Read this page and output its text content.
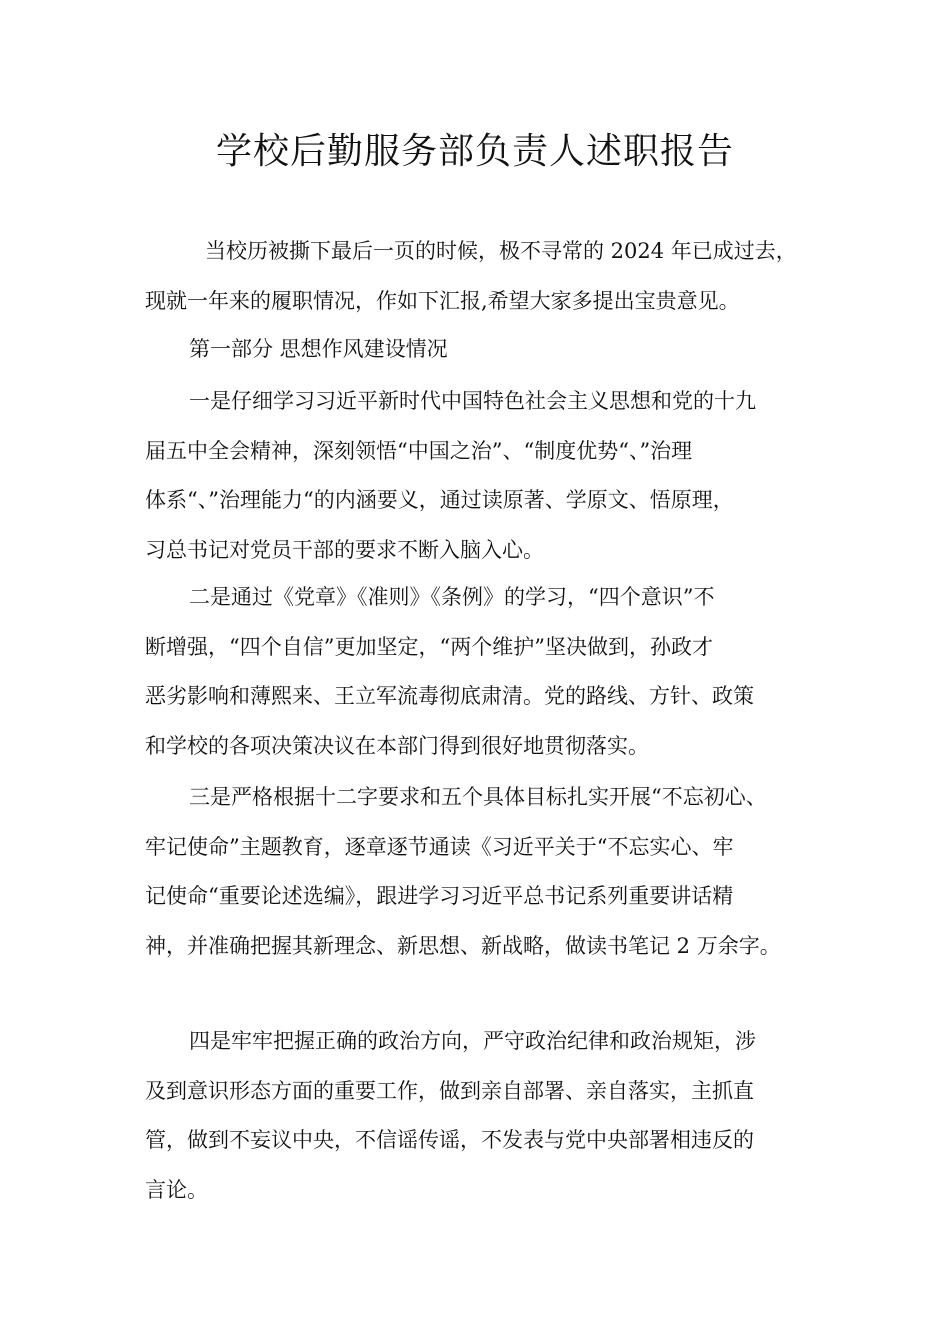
学校后勤服务部负责人述职报告
当校历被撕下最后一页的时候，极不寻常的 2024 年已成过去，
现就一年来的履职情况，作如下汇报,希望大家多提出宝贵意见。
第一部分 思想作风建设情况
一是仔细学习习近平新时代中国特色社会主义思想和党的十九
届五中全会精神，深刻领悟“中国之治”、“制度优势“、”治理
体系“、”治理能力“的内涵要义，通过读原著、学原文、悟原理，
习总书记对党员干部的要求不断入脑入心。
二是通过《党章》《准则》《条例》的学习，“四个意识”不
断增强，“四个自信”更加坚定，“两个维护”坚决做到，孙政才
恶劣影响和薄熙来、王立军流毒彻底肃清。党的路线、方针、政策
和学校的各项决策决议在本部门得到很好地贯彻落实。
三是严格根据十二字要求和五个具体目标扎实开展“不忘初心、
牢记使命”主题教育，逐章逐节通读《习近平关于“不忘实心、牢
记使命“重要论述选编》，跟进学习习近平总书记系列重要讲话精
神，并准确把握其新理念、新思想、新战略，做读书笔记 2 万余字。
四是牢牢把握正确的政治方向，严守政治纪律和政治规矩，涉
及到意识形态方面的重要工作，做到亲自部署、亲自落实，主抓直
管，做到不妄议中央，不信谣传谣，不发表与党中央部署相违反的
言论。
